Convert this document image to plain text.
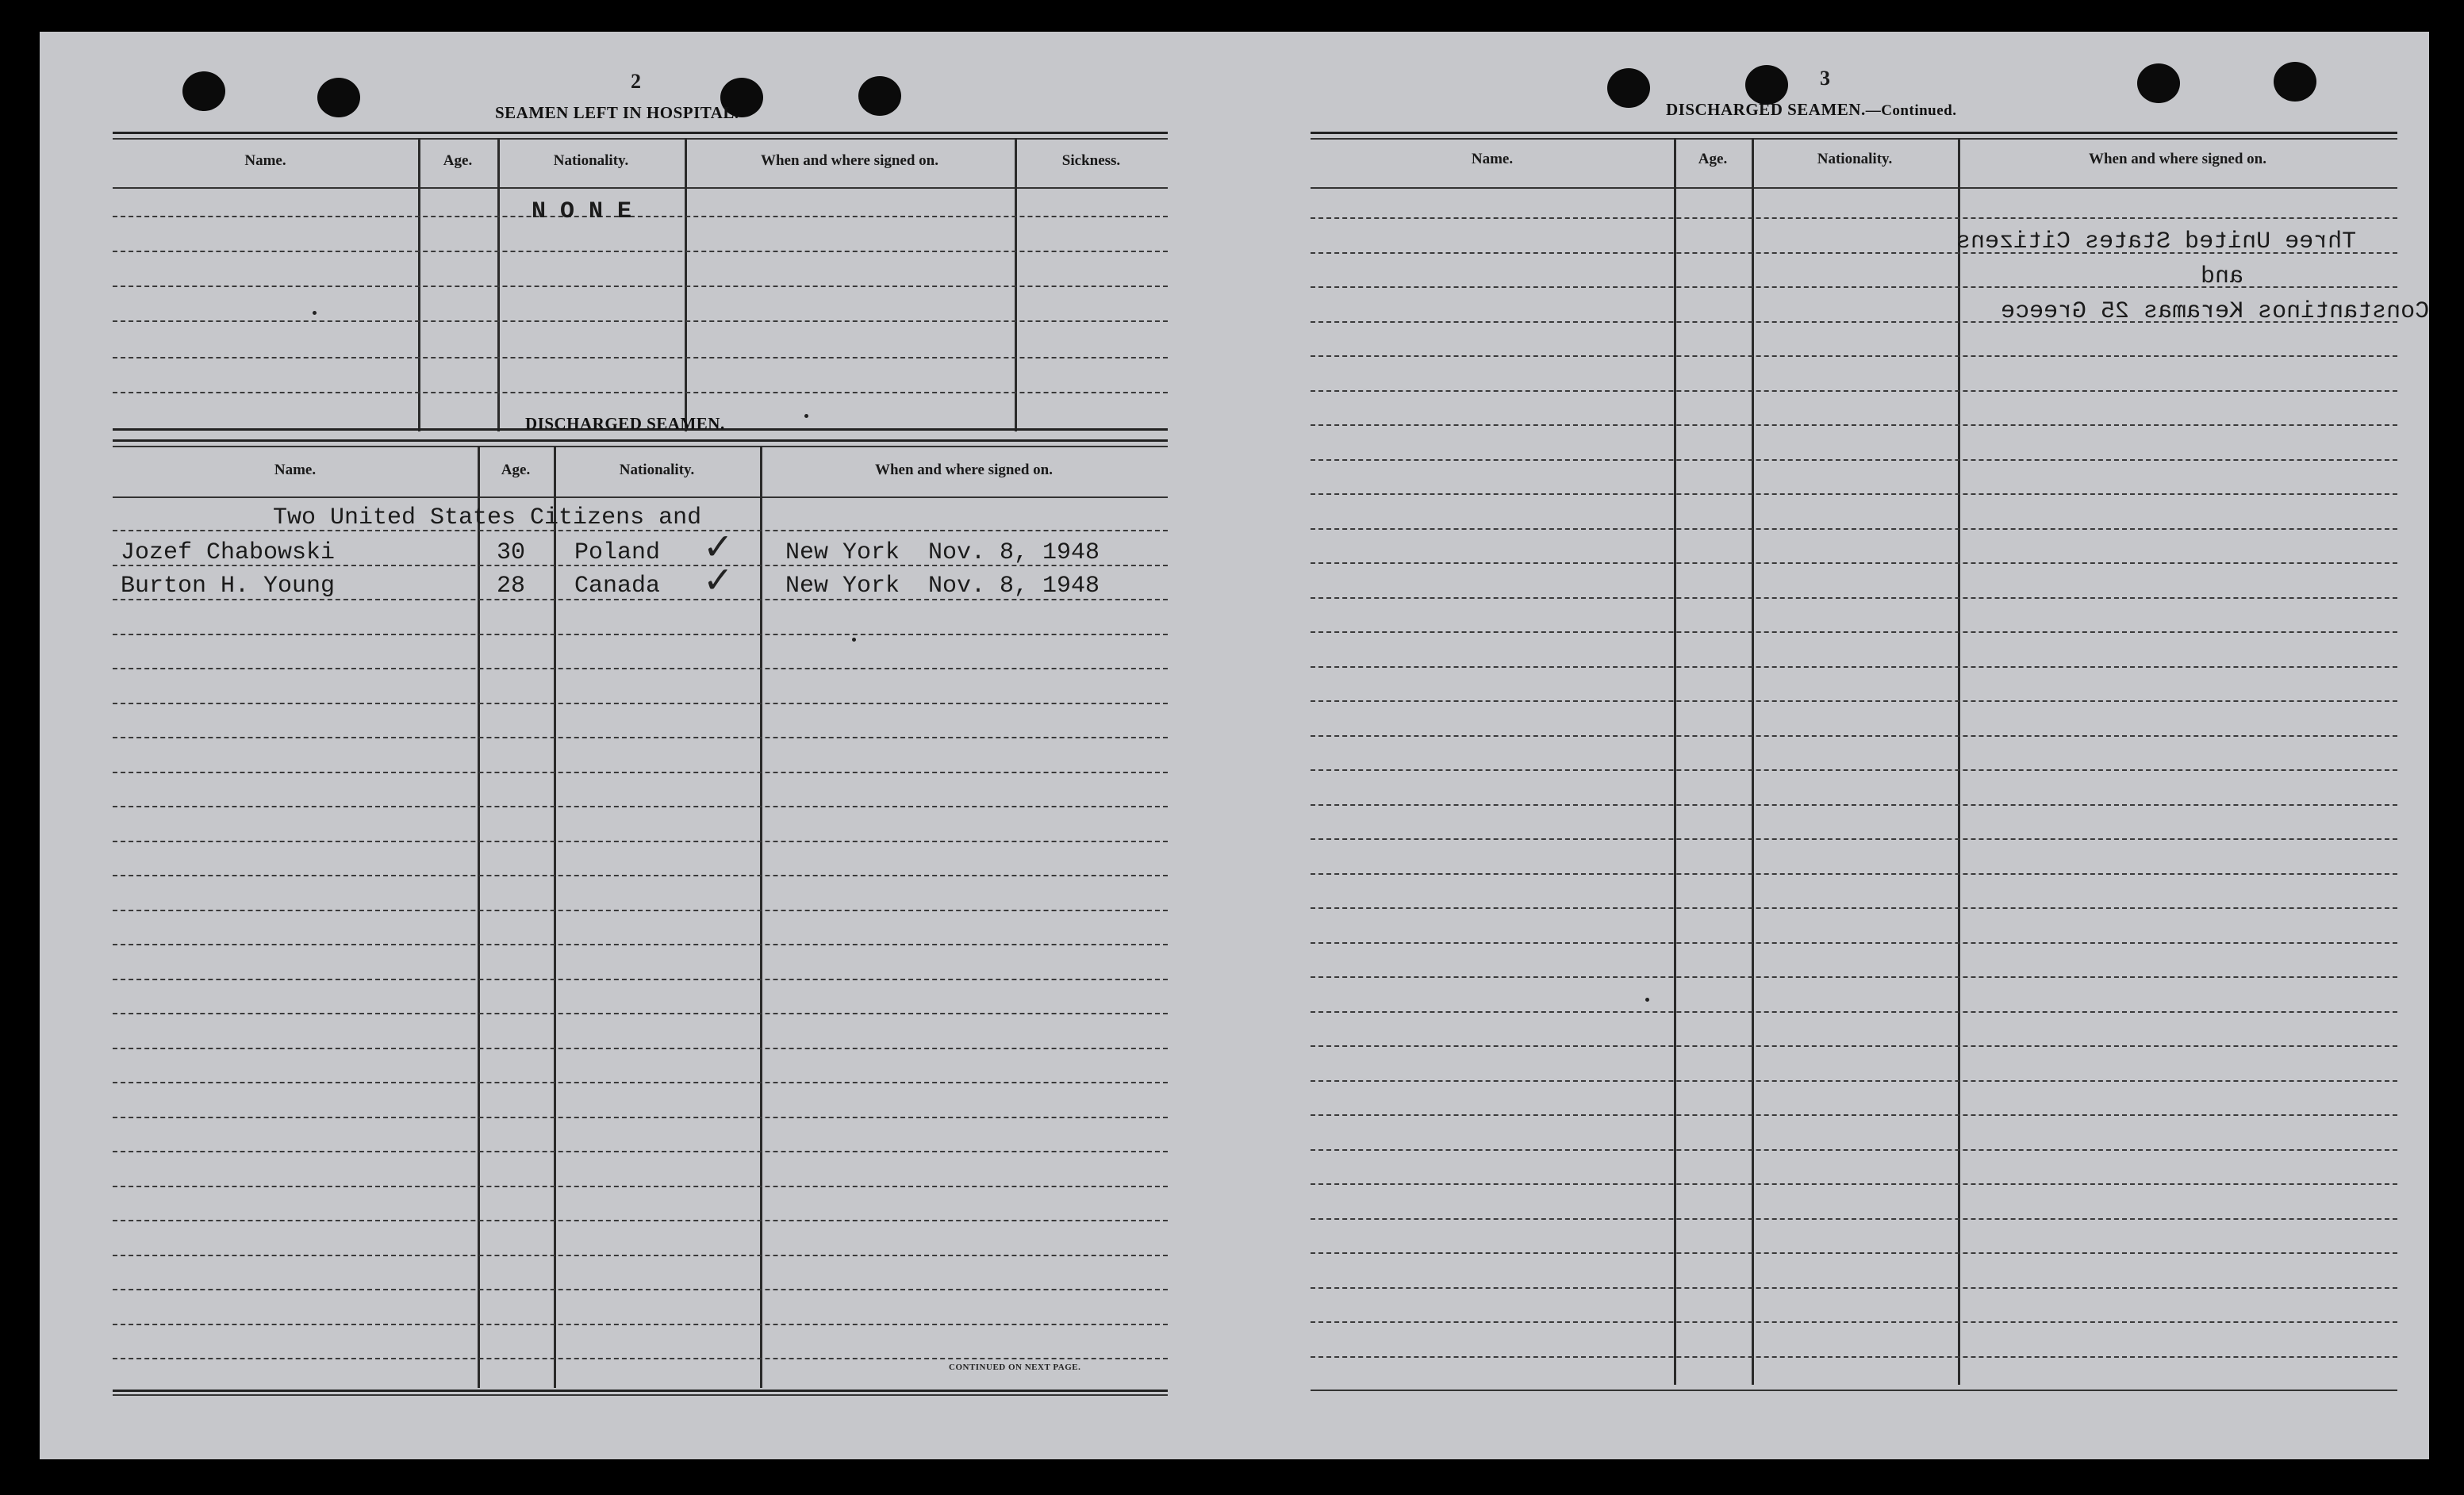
2
SEAMEN LEFT IN HOSPITAL.
Name.	Age.	Nationality.	When and where signed on.	Sickness.
N O N E
DISCHARGED SEAMEN.
Name.	Age.	Nationality.	When and where signed on.
Two United States Citizens and
Jozef Chabowski	30 Poland ✓ New York  Nov. 8, 1948
Burton H. Young	28 Canada ✓ New York  Nov. 8, 1948
CONTINUED ON NEXT PAGE.
3
DISCHARGED SEAMEN.—Continued.
Name.	Age.	Nationality.	When and where signed on.

Three United States Citizens

and

Constantinos Keramas 25 Greece
